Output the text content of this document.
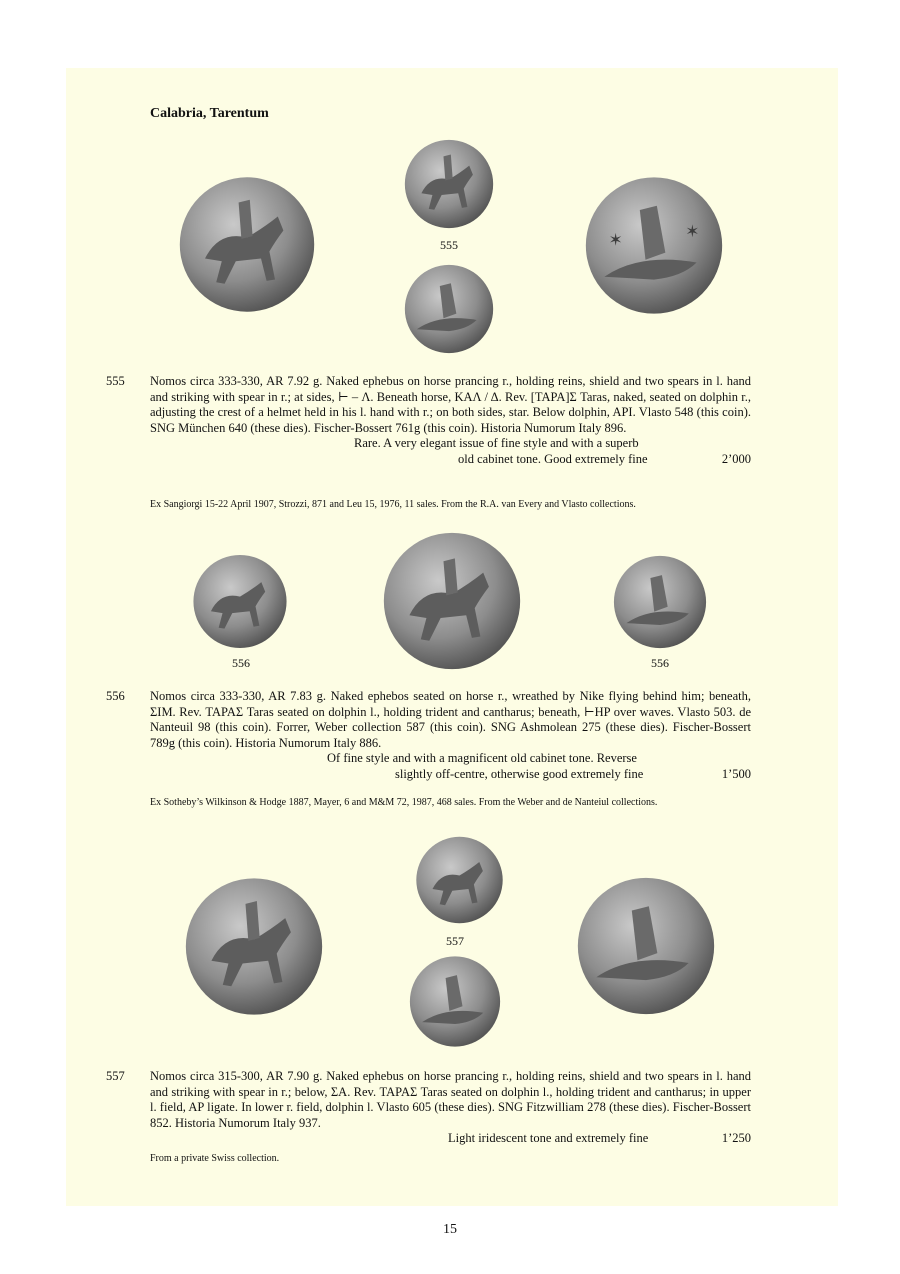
Calabria, Tarentum
555	✶	✶
555 Nomos circa 333-330, AR 7.92 g. Naked ephebus on horse prancing r., holding reins, shield and two spears in l. hand and striking with spear in r.; at sides, ⊢ – Λ. Beneath horse, ΚΑΛ / Δ. Rev. [ΤΑΡΑ]Σ Taras, naked, seated on dolphin r., adjusting the crest of a helmet held in his l. hand with r.; on both sides, star. Below dolphin, API. Vlasto 548 (this coin). SNG München 640 (these dies). Fischer-Bossert 761g (this coin). Historia Numorum Italy 896.

Rare. A very elegant issue of fine style and with a superb
old cabinet tone. Good extremely fine	2’000
Ex Sangiorgi 15-22 April 1907, Strozzi, 871 and Leu 15, 1976, 11 sales. From the R.A. van Every and Vlasto collections.
556	556
556 Nomos circa 333-330, AR 7.83 g. Naked ephebos seated on horse r., wreathed by Nike flying behind him; beneath, ΣIM. Rev. ΤΑΡΑΣ Taras seated on dolphin l., holding trident and cantharus; beneath, ⊢HP over waves. Vlasto 503. de Nanteuil 98 (this coin). Forrer, Weber collection 587 (this coin). SNG Ashmolean 275 (these dies). Fischer-Bossert 789g (this coin). Historia Numorum Italy 886.

Of fine style and with a magnificent old cabinet tone. Reverse
slightly off-centre, otherwise good extremely fine	1’500
Ex Sotheby’s Wilkinson & Hodge 1887, Mayer, 6 and M&M 72, 1987, 468 sales. From the Weber and de Nanteiul collections.
557
557 Nomos circa 315-300, AR 7.90 g. Naked ephebus on horse prancing r., holding reins, shield and two spears in l. hand and striking with spear in r.; below, ΣA. Rev. ΤΑΡΑΣ Taras seated on dolphin l., holding trident and cantharus; in upper l. field, AP ligate. In lower r. field, dolphin l. Vlasto 605 (these dies). SNG Fitzwilliam 278 (these dies). Fischer-Bossert 852. Historia Numorum Italy 937.

Light iridescent tone and extremely fine	1’250
From a private Swiss collection.
15
